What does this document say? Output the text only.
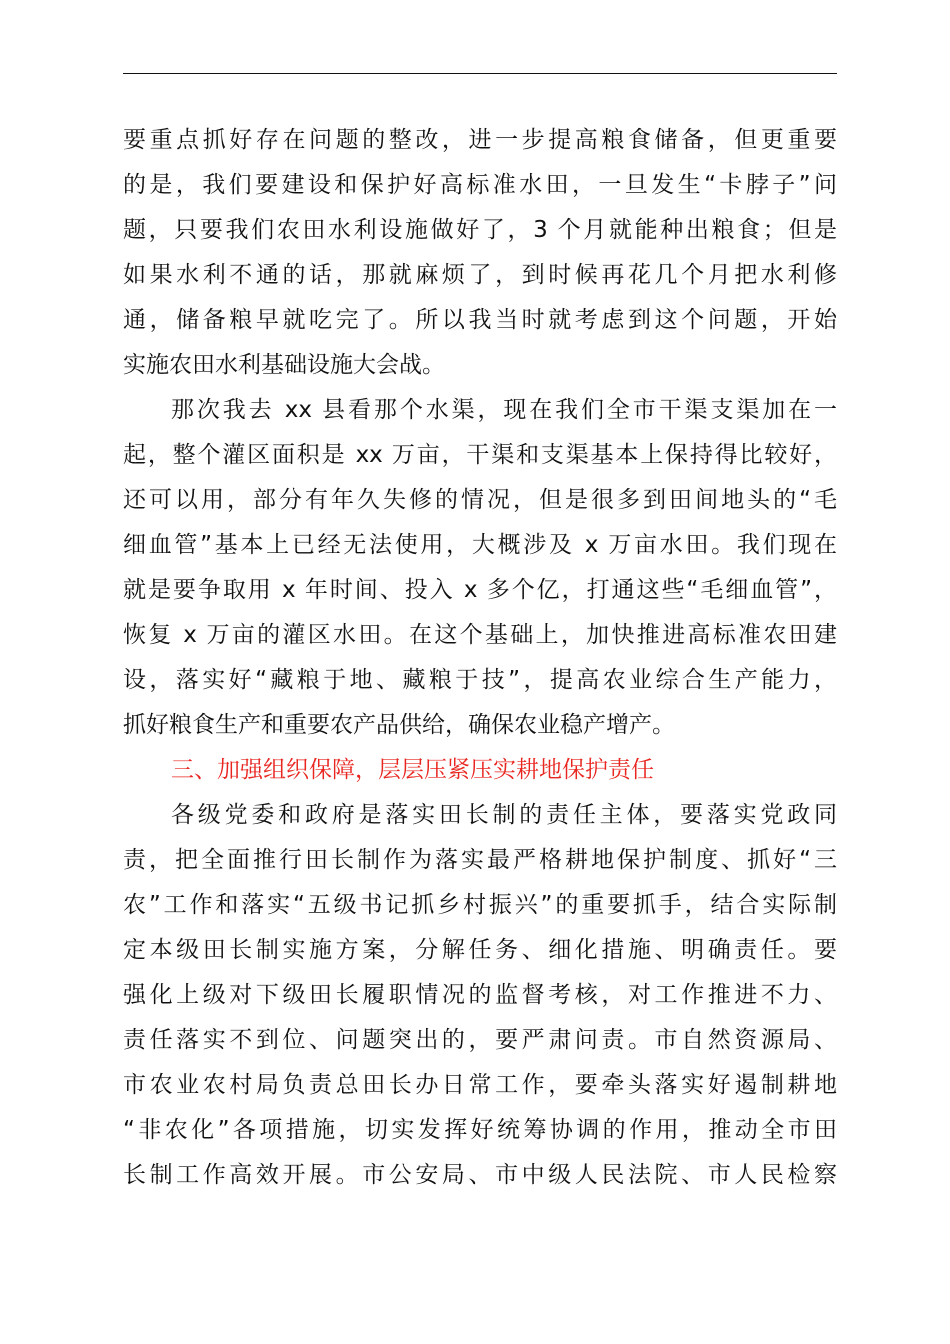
要重点抓好存在问题的整改，进一步提高粮食储备，但更重要
的是，我们要建设和保护好高标准水田，一旦发生“卡脖子”问
题，只要我们农田水利设施做好了，3 个月就能种出粮食；但是
如果水利不通的话，那就麻烦了，到时候再花几个月把水利修
通，储备粮早就吃完了。所以我当时就考虑到这个问题，开始
实施农田水利基础设施大会战。
那次我去 xx 县看那个水渠，现在我们全市干渠支渠加在一
起，整个灌区面积是 xx 万亩，干渠和支渠基本上保持得比较好，
还可以用，部分有年久失修的情况，但是很多到田间地头的“毛
细血管”基本上已经无法使用，大概涉及 x 万亩水田。我们现在
就是要争取用 x 年时间、投入 x 多个亿，打通这些“毛细血管”，
恢复 x 万亩的灌区水田。在这个基础上，加快推进高标准农田建
设，落实好“藏粮于地、藏粮于技”，提高农业综合生产能力，
抓好粮食生产和重要农产品供给，确保农业稳产增产。
三、加强组织保障，层层压紧压实耕地保护责任
各级党委和政府是落实田长制的责任主体，要落实党政同
责，把全面推行田长制作为落实最严格耕地保护制度、抓好“三
农”工作和落实“五级书记抓乡村振兴”的重要抓手，结合实际制
定本级田长制实施方案，分解任务、细化措施、明确责任。要
强化上级对下级田长履职情况的监督考核，对工作推进不力、
责任落实不到位、问题突出的，要严肃问责。市自然资源局、
市农业农村局负责总田长办日常工作，要牵头落实好遏制耕地
“非农化”各项措施，切实发挥好统筹协调的作用，推动全市田
长制工作高效开展。市公安局、市中级人民法院、市人民检察
